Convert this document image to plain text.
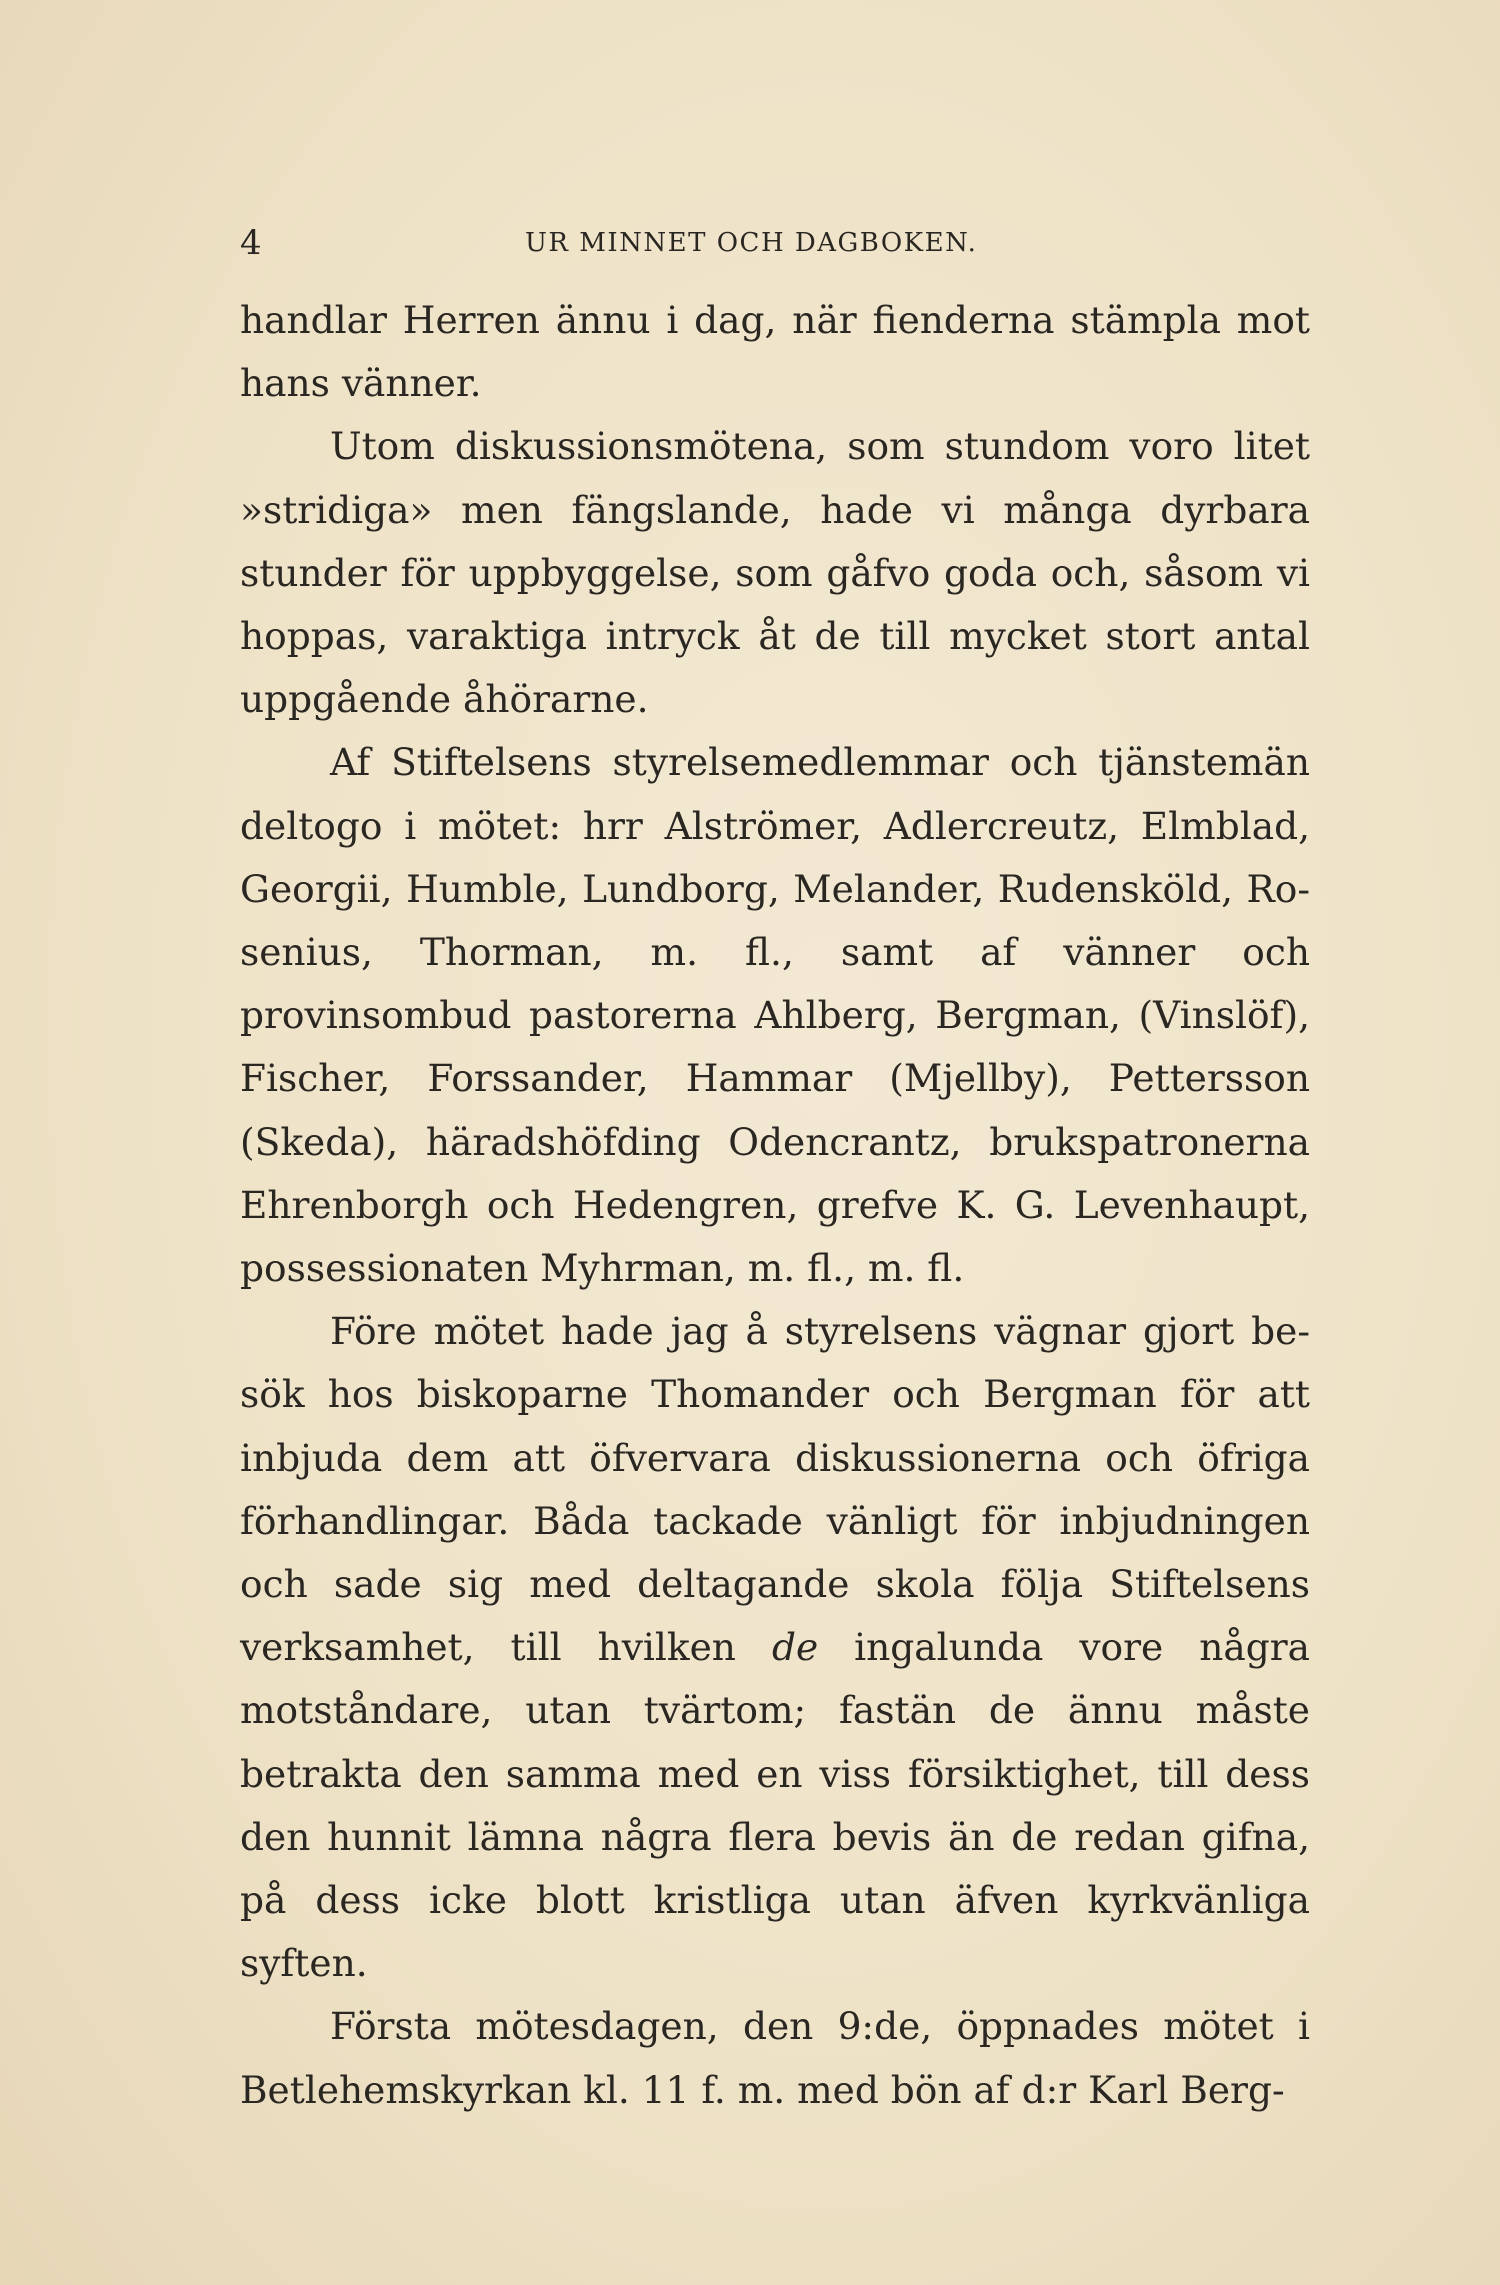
4	UR MINNET OCH DAGBOKEN.

handlar Herren ännu i dag, när fienderna stämpla mot hans vänner.

Utom diskussionsmötena, som stundom voro litet »stridiga» men fängslande, hade vi många dyrbara stunder för uppbyggelse, som gåfvo goda och, såsom vi hoppas, varaktiga intryck åt de till mycket stort antal uppgående åhörarne.

Af Stiftelsens styrelsemedlemmar och tjänstemän deltogo i mötet: hrr Alströmer, Adlercreutz, Elmblad, Georgii, Humble, Lundborg, Melander, Rudensköld, Rosenius, Thorman, m. fl., samt af vänner och provinsombud pastorerna Ahlberg, Bergman, (Vinslöf), Fischer, Forssander, Hammar (Mjellby), Pettersson (Skeda), häradshöfding Odencrantz, brukspatronerna Ehrenborgh och Hedengren, grefve K. G. Levenhaupt, possessionaten Myhrman, m. fl., m. fl.

Före mötet hade jag å styrelsens vägnar gjort besök hos biskoparne Thomander och Bergman för att inbjuda dem att öfvervara diskussionerna och öfriga förhandlingar. Båda tackade vänligt för inbjudningen och sade sig med deltagande skola följa Stiftelsens verksamhet, till hvilken de ingalunda vore några motståndare, utan tvärtom; fastän de ännu måste betrakta den samma med en viss försiktighet, till dess den hunnit lämna några flera bevis än de redan gifna, på dess icke blott kristliga utan äfven kyrkvänliga syften.

Första mötesdagen, den 9:de, öppnades mötet i Betlehemskyrkan kl. 11 f. m. med bön af d:r Karl Berg-
